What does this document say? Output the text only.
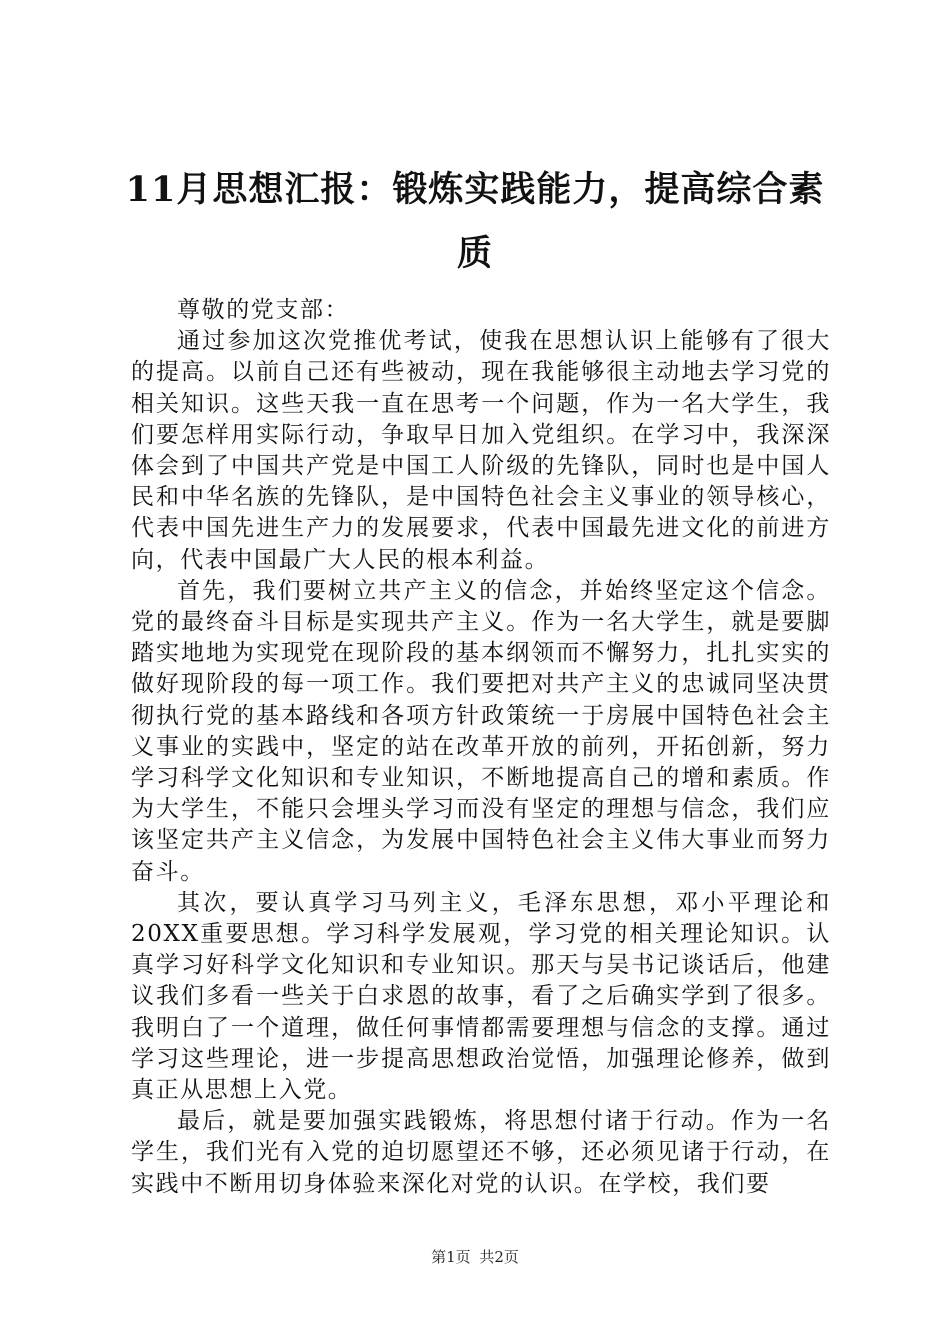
11月思想汇报：锻炼实践能力，提高综合素质

尊敬的党支部：

通过参加这次党推优考试，使我在思想认识上能够有了很大的提高。以前自己还有些被动，现在我能够很主动地去学习党的相关知识。这些天我一直在思考一个问题，作为一名大学生，我们要怎样用实际行动，争取早日加入党组织。在学习中，我深深体会到了中国共产党是中国工人阶级的先锋队，同时也是中国人民和中华名族的先锋队，是中国特色社会主义事业的领导核心，代表中国先进生产力的发展要求，代表中国最先进文化的前进方向，代表中国最广大人民的根本利益。

首先，我们要树立共产主义的信念，并始终坚定这个信念。党的最终奋斗目标是实现共产主义。作为一名大学生，就是要脚踏实地地为实现党在现阶段的基本纲领而不懈努力，扎扎实实的做好现阶段的每一项工作。我们要把对共产主义的忠诚同坚决贯彻执行党的基本路线和各项方针政策统一于房展中国特色社会主义事业的实践中，坚定的站在改革开放的前列，开拓创新，努力学习科学文化知识和专业知识，不断地提高自己的增和素质。作为大学生，不能只会埋头学习而没有坚定的理想与信念，我们应该坚定共产主义信念，为发展中国特色社会主义伟大事业而努力奋斗。

其次，要认真学习马列主义，毛泽东思想，邓小平理论和20XX重要思想。学习科学发展观，学习党的相关理论知识。认真学习好科学文化知识和专业知识。那天与吴书记谈话后，他建议我们多看一些关于白求恩的故事，看了之后确实学到了很多。我明白了一个道理，做任何事情都需要理想与信念的支撑。通过学习这些理论，进一步提高思想政治觉悟，加强理论修养，做到真正从思想上入党。

最后，就是要加强实践锻炼，将思想付诸于行动。作为一名学生，我们光有入党的迫切愿望还不够，还必须见诸于行动，在实践中不断用切身体验来深化对党的认识。在学校，我们要

第1页 共2页
